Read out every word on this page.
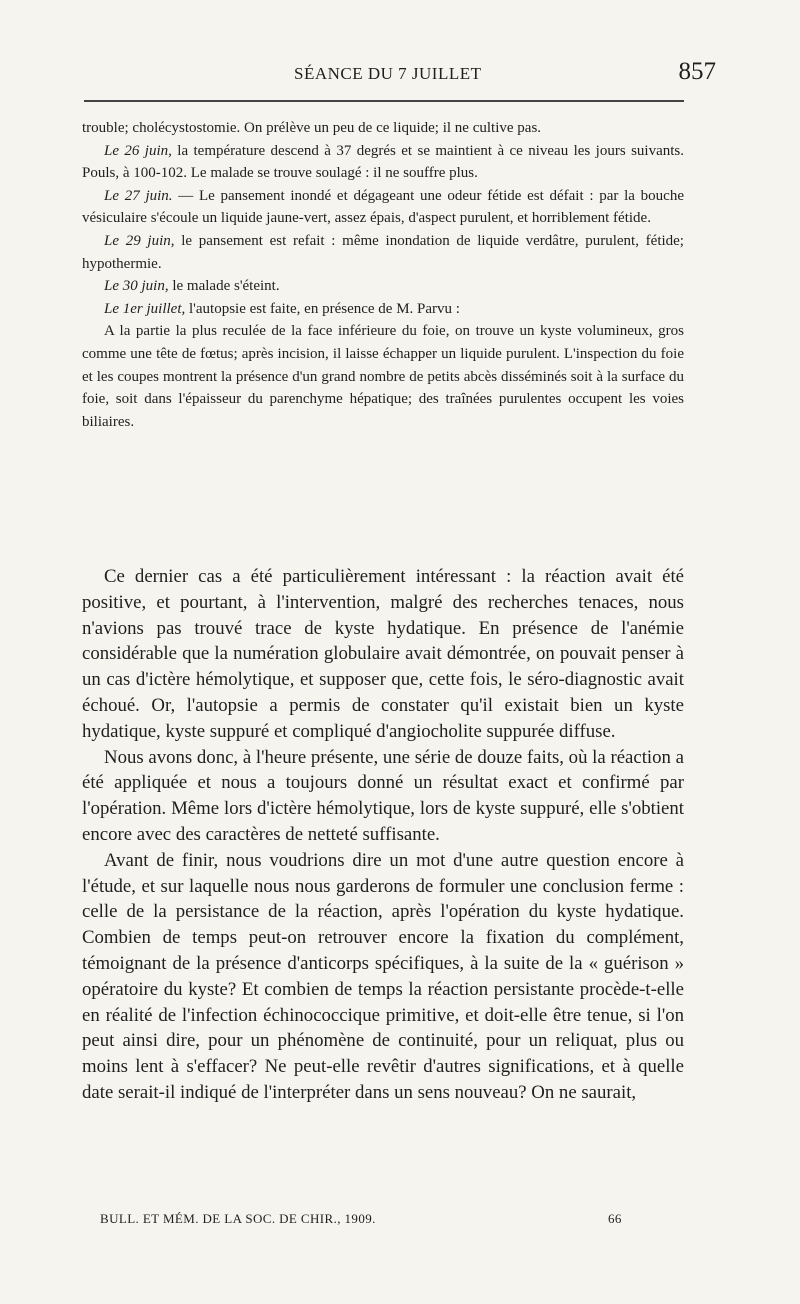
SÉANCE DU 7 JUILLET	857

trouble; cholécystostomie. On prélève un peu de ce liquide; il ne cultive pas.

Le 26 juin, la température descend à 37 degrés et se maintient à ce niveau les jours suivants. Pouls, à 100-102. Le malade se trouve soulagé : il ne souffre plus.

Le 27 juin. — Le pansement inondé et dégageant une odeur fétide est défait : par la bouche vésiculaire s'écoule un liquide jaune-vert, assez épais, d'aspect purulent, et horriblement fétide.

Le 29 juin, le pansement est refait : même inondation de liquide verdâtre, purulent, fétide; hypothermie.

Le 30 juin, le malade s'éteint.

Le 1er juillet, l'autopsie est faite, en présence de M. Parvu :

A la partie la plus reculée de la face inférieure du foie, on trouve un kyste volumineux, gros comme une tête de fœtus; après incision, il laisse échapper un liquide purulent. L'inspection du foie et les coupes montrent la présence d'un grand nombre de petits abcès disséminés soit à la surface du foie, soit dans l'épaisseur du parenchyme hépatique; des traînées purulentes occupent les voies biliaires.

Ce dernier cas a été particulièrement intéressant : la réaction avait été positive, et pourtant, à l'intervention, malgré des recherches tenaces, nous n'avions pas trouvé trace de kyste hydatique. En présence de l'anémie considérable que la numération globulaire avait démontrée, on pouvait penser à un cas d'ictère hémolytique, et supposer que, cette fois, le séro-diagnostic avait échoué. Or, l'autopsie a permis de constater qu'il existait bien un kyste hydatique, kyste suppuré et compliqué d'angiocholite suppurée diffuse.

Nous avons donc, à l'heure présente, une série de douze faits, où la réaction a été appliquée et nous a toujours donné un résultat exact et confirmé par l'opération. Même lors d'ictère hémolytique, lors de kyste suppuré, elle s'obtient encore avec des caractères de netteté suffisante.

Avant de finir, nous voudrions dire un mot d'une autre question encore à l'étude, et sur laquelle nous nous garderons de formuler une conclusion ferme : celle de la persistance de la réaction, après l'opération du kyste hydatique. Combien de temps peut-on retrouver encore la fixation du complément, témoignant de la présence d'anticorps spécifiques, à la suite de la « guérison » opératoire du kyste? Et combien de temps la réaction persistante procède-t-elle en réalité de l'infection échinococcique primitive, et doit-elle être tenue, si l'on peut ainsi dire, pour un phénomène de continuité, pour un reliquat, plus ou moins lent à s'effacer? Ne peut-elle revêtir d'autres significations, et à quelle date serait-il indiqué de l'interpréter dans un sens nouveau? On ne saurait,

BULL. ET MÉM. DE LA SOC. DE CHIR., 1909.	66
